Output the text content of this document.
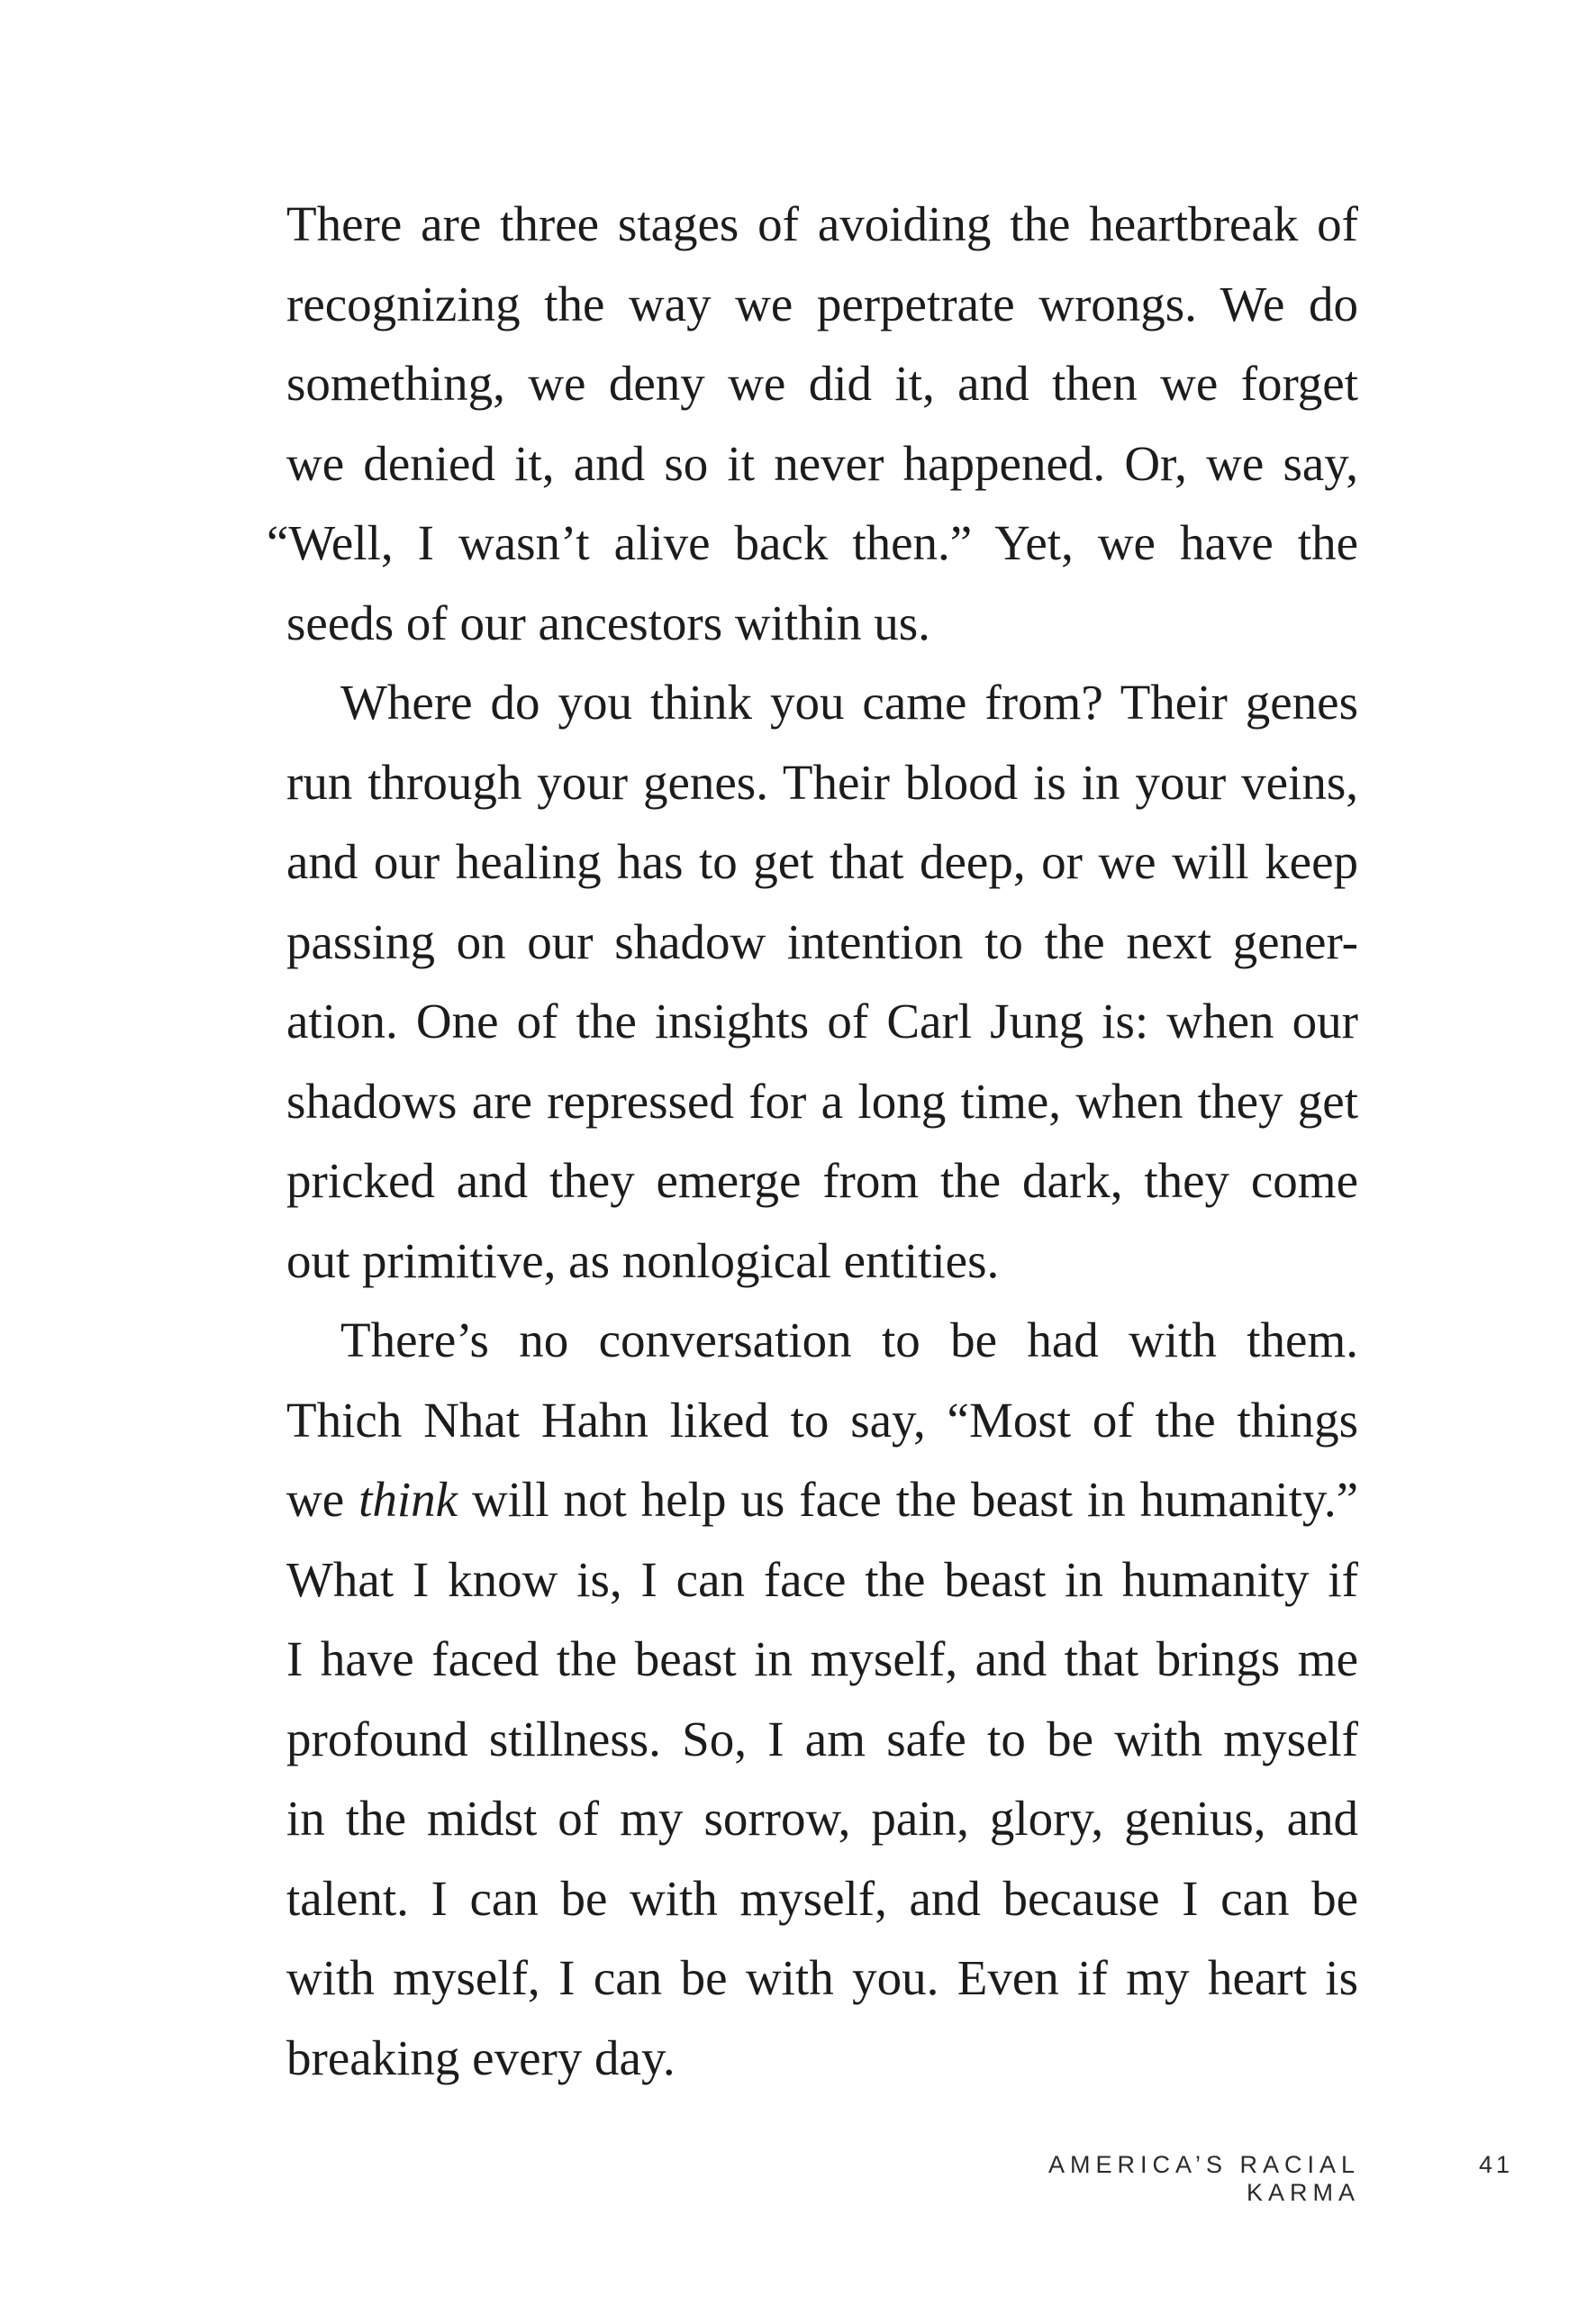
There are three stages of avoiding the heartbreak of
recognizing the way we perpetrate wrongs. We do
something, we deny we did it, and then we forget
we denied it, and so it never happened. Or, we say,
“Well, I wasn’t alive back then.” Yet, we have the
seeds of our ancestors within us.
Where do you think you came from? Their genes
run through your genes. Their blood is in your veins,
and our healing has to get that deep, or we will keep
passing on our shadow intention to the next gener-
ation. One of the insights of Carl Jung is: when our
shadows are repressed for a long time, when they get
pricked and they emerge from the dark, they come
out primitive, as nonlogical entities.
There’s no conversation to be had with them.
Thich Nhat Hahn liked to say, “Most of the things
we think will not help us face the beast in humanity.”
What I know is, I can face the beast in humanity if
I have faced the beast in myself, and that brings me
profound stillness. So, I am safe to be with myself
in the midst of my sorrow, pain, glory, genius, and
talent. I can be with myself, and because I can be
with myself, I can be with you. Even if my heart is
breaking every day.
AMERICA’S RACIAL KARMA
41
